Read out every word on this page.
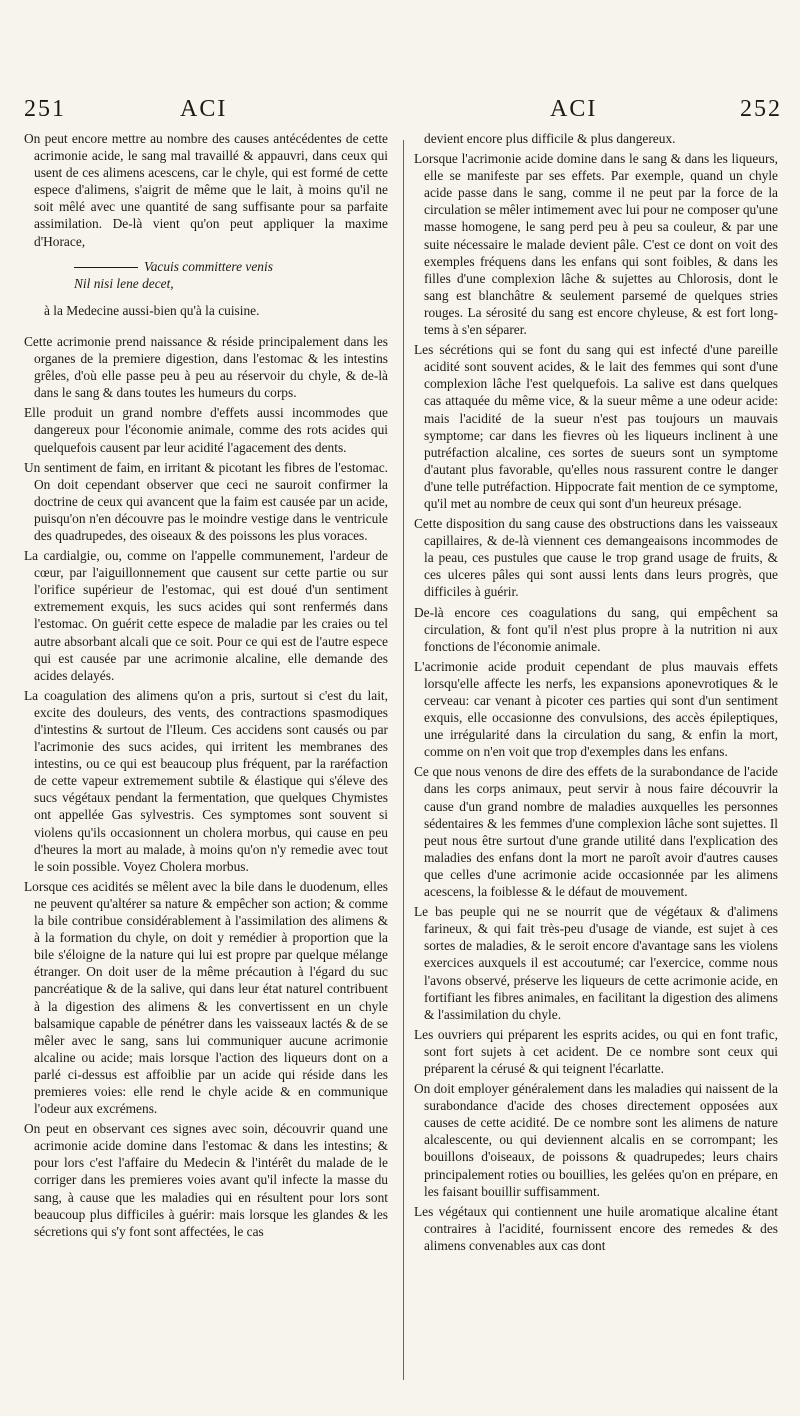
251	ACI	ACI	252

On peut encore mettre au nombre des causes antécédentes de cette acrimonie acide, le sang mal travaillé & appauvri, dans ceux qui usent de ces alimens acescens, car le chyle, qui est formé de cette espece d'alimens, s'aigrit de même que le lait, à moins qu'il ne soit mêlé avec une quantité de sang suffisante pour sa parfaite assimilation. De-là vient qu'on peut appliquer la maxime d'Horace,

Vacuis committere venis
Nil nisi lene decet,

à la Medecine aussi-bien qu'à la cuisine.

Cette acrimonie prend naissance & réside principalement dans les organes de la premiere digestion, dans l'estomac & les intestins grêles, d'où elle passe peu à peu au réservoir du chyle, & de-là dans le sang & dans toutes les humeurs du corps.

Elle produit un grand nombre d'effets aussi incommodes que dangereux pour l'économie animale, comme des rots acides qui quelquefois causent par leur acidité l'agacement des dents.

Un sentiment de faim, en irritant & picotant les fibres de l'estomac. On doit cependant observer que ceci ne sauroit confirmer la doctrine de ceux qui avancent que la faim est causée par un acide, puisqu'on n'en découvre pas le moindre vestige dans le ventricule des quadrupedes, des oiseaux & des poissons les plus voraces.

La cardialgie, ou, comme on l'appelle communement, l'ardeur de cœur, par l'aiguillonnement que causent sur cette partie ou sur l'orifice supérieur de l'estomac, qui est doué d'un sentiment extremement exquis, les sucs acides qui sont renfermés dans l'estomac. On guérit cette espece de maladie par les craies ou tel autre absorbant alcali que ce soit. Pour ce qui est de l'autre espece qui est causée par une acrimonie alcaline, elle demande des acides delayés.

La coagulation des alimens qu'on a pris, surtout si c'est du lait, excite des douleurs, des vents, des contractions spasmodiques d'intestins & surtout de l'Ileum. Ces accidens sont causés ou par l'acrimonie des sucs acides, qui irritent les membranes des intestins, ou ce qui est beaucoup plus fréquent, par la raréfaction de cette vapeur extremement subtile & élastique qui s'éleve des sucs végétaux pendant la fermentation, que quelques Chymistes ont appellée Gas sylvestris. Ces symptomes sont souvent si violens qu'ils occasionnent un cholera morbus, qui cause en peu d'heures la mort au malade, à moins qu'on n'y remedie avec tout le soin possible. Voyez Cholera morbus.

Lorsque ces acidités se mêlent avec la bile dans le duodenum, elles ne peuvent qu'altérer sa nature & empêcher son action; & comme la bile contribue considérablement à l'assimilation des alimens & à la formation du chyle, on doit y remédier à proportion que la bile s'éloigne de la nature qui lui est propre par quelque mélange étranger. On doit user de la même précaution à l'égard du suc pancréatique & de la salive, qui dans leur état naturel contribuent à la digestion des alimens & les convertissent en un chyle balsamique capable de pénétrer dans les vaisseaux lactés & de se mêler avec le sang, sans lui communiquer aucune acrimonie alcaline ou acide; mais lorsque l'action des liqueurs dont on a parlé ci-dessus est affoiblie par un acide qui réside dans les premieres voies: elle rend le chyle acide & en communique l'odeur aux excrémens.

On peut en observant ces signes avec soin, découvrir quand une acrimonie acide domine dans l'estomac & dans les intestins; & pour lors c'est l'affaire du Medecin & l'intérêt du malade de le corriger dans les premieres voies avant qu'il infecte la masse du sang, à cause que les maladies qui en résultent pour lors sont beaucoup plus difficiles à guérir: mais lorsque les glandes & les sécretions qui s'y font sont affectées, le cas

devient encore plus difficile & plus dangereux.

Lorsque l'acrimonie acide domine dans le sang & dans les liqueurs, elle se manifeste par ses effets. Par exemple, quand un chyle acide passe dans le sang, comme il ne peut par la force de la circulation se mêler intimement avec lui pour ne composer qu'une masse homogene, le sang perd peu à peu sa couleur, & par une suite nécessaire le malade devient pâle. C'est ce dont on voit des exemples fréquens dans les enfans qui sont foibles, & dans les filles d'une complexion lâche & sujettes au Chlorosis, dont le sang est blanchâtre & seulement parsemé de quelques stries rouges. La sérosité du sang est encore chyleuse, & est fort long-tems à s'en séparer.

Les sécrétions qui se font du sang qui est infecté d'une pareille acidité sont souvent acides, & le lait des femmes qui sont d'une complexion lâche l'est quelquefois. La salive est dans quelques cas attaquée du même vice, & la sueur même a une odeur acide: mais l'acidité de la sueur n'est pas toujours un mauvais symptome; car dans les fievres où les liqueurs inclinent à une putréfaction alcaline, ces sortes de sueurs sont un symptome d'autant plus favorable, qu'elles nous rassurent contre le danger d'une telle putréfaction. Hippocrate fait mention de ce symptome, qu'il met au nombre de ceux qui sont d'un heureux présage.

Cette disposition du sang cause des obstructions dans les vaisseaux capillaires, & de-là viennent ces demangeaisons incommodes de la peau, ces pustules que cause le trop grand usage de fruits, & ces ulceres pâles qui sont aussi lents dans leurs progrès, que difficiles à guérir.

De-là encore ces coagulations du sang, qui empêchent sa circulation, & font qu'il n'est plus propre à la nutrition ni aux fonctions de l'économie animale.

L'acrimonie acide produit cependant de plus mauvais effets lorsqu'elle affecte les nerfs, les expansions aponevrotiques & le cerveau: car venant à picoter ces parties qui sont d'un sentiment exquis, elle occasionne des convulsions, des accès épileptiques, une irrégularité dans la circulation du sang, & enfin la mort, comme on n'en voit que trop d'exemples dans les enfans.

Ce que nous venons de dire des effets de la surabondance de l'acide dans les corps animaux, peut servir à nous faire découvrir la cause d'un grand nombre de maladies auxquelles les personnes sédentaires & les femmes d'une complexion lâche sont sujettes. Il peut nous être surtout d'une grande utilité dans l'explication des maladies des enfans dont la mort ne paroît avoir d'autres causes que celles d'une acrimonie acide occasionnée par les alimens acescens, la foiblesse & le défaut de mouvement.

Le bas peuple qui ne se nourrit que de végétaux & d'alimens farineux, & qui fait très-peu d'usage de viande, est sujet à ces sortes de maladies, & le seroit encore d'avantage sans les violens exercices auxquels il est accoutumé; car l'exercice, comme nous l'avons observé, préserve les liqueurs de cette acrimonie acide, en fortifiant les fibres animales, en facilitant la digestion des alimens & l'assimilation du chyle.

Les ouvriers qui préparent les esprits acides, ou qui en font trafic, sont fort sujets à cet acident. De ce nombre sont ceux qui préparent la cérusé & qui teignent l'écarlatte.

On doit employer généralement dans les maladies qui naissent de la surabondance d'acide des choses directement opposées aux causes de cette acidité. De ce nombre sont les alimens de nature alcalescente, ou qui deviennent alcalis en se corrompant; les bouillons d'oiseaux, de poissons & quadrupedes; leurs chairs principalement roties ou bouillies, les gelées qu'on en prépare, en les faisant bouillir suffisamment.

Les végétaux qui contiennent une huile aromatique alcaline étant contraires à l'acidité, fournissent encore des remedes & des alimens convenables aux cas dont
